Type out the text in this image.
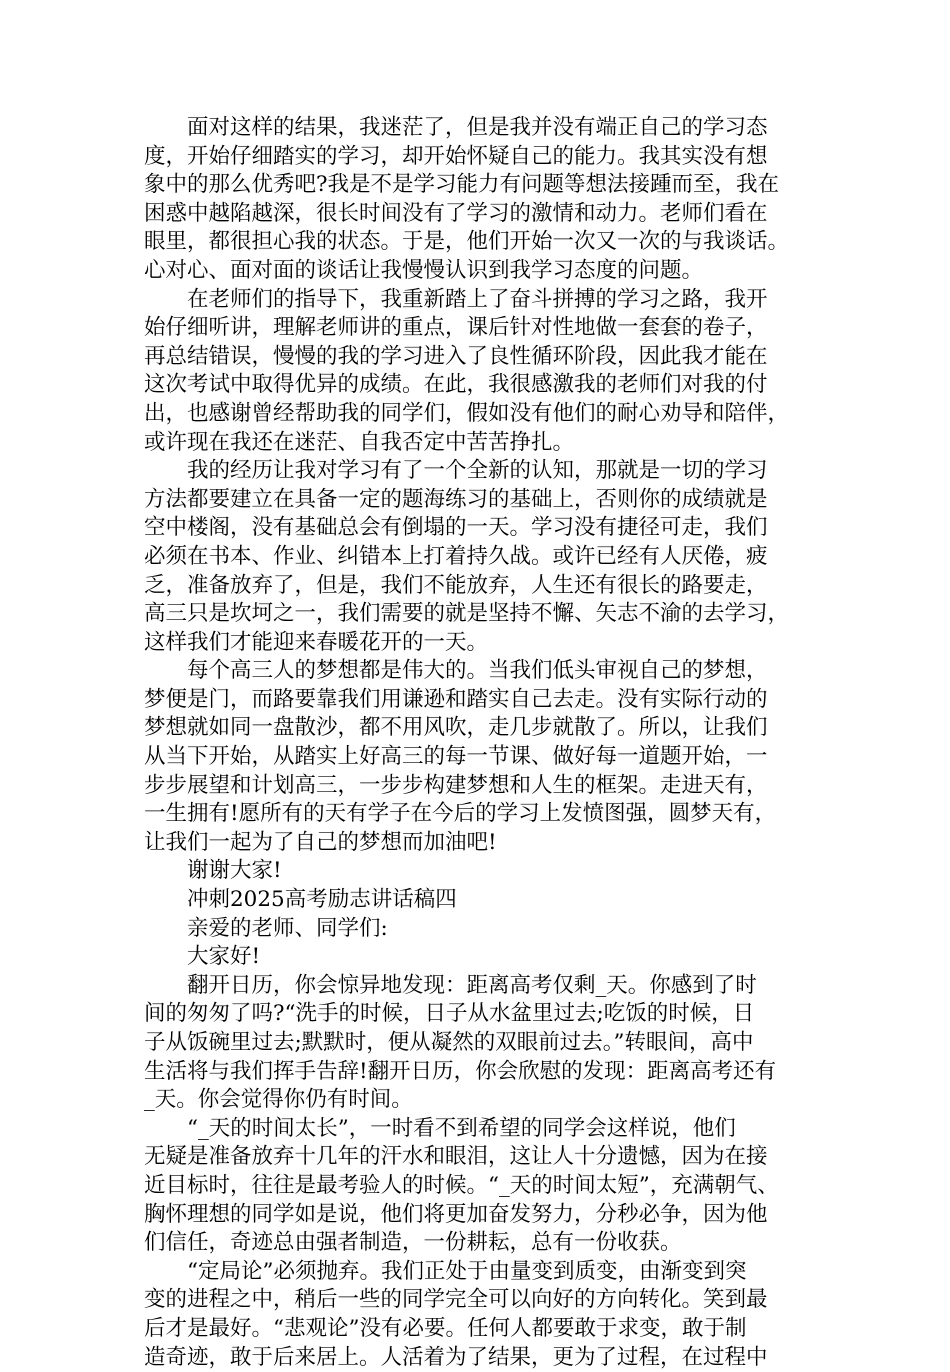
　　面对这样的结果，我迷茫了，但是我并没有端正自己的学习态
度，开始仔细踏实的学习，却开始怀疑自己的能力。我其实没有想
象中的那么优秀吧?我是不是学习能力有问题等想法接踵而至，我在
困惑中越陷越深，很长时间没有了学习的激情和动力。老师们看在
眼里，都很担心我的状态。于是，他们开始一次又一次的与我谈话。
心对心、面对面的谈话让我慢慢认识到我学习态度的问题。
　　在老师们的指导下，我重新踏上了奋斗拼搏的学习之路，我开
始仔细听讲，理解老师讲的重点，课后针对性地做一套套的卷子，
再总结错误，慢慢的我的学习进入了良性循环阶段，因此我才能在
这次考试中取得优异的成绩。在此，我很感激我的老师们对我的付
出，也感谢曾经帮助我的同学们，假如没有他们的耐心劝导和陪伴，
或许现在我还在迷茫、自我否定中苦苦挣扎。
　　我的经历让我对学习有了一个全新的认知，那就是一切的学习
方法都要建立在具备一定的题海练习的基础上，否则你的成绩就是
空中楼阁，没有基础总会有倒塌的一天。学习没有捷径可走，我们
必须在书本、作业、纠错本上打着持久战。或许已经有人厌倦，疲
乏，准备放弃了，但是，我们不能放弃，人生还有很长的路要走，
高三只是坎坷之一，我们需要的就是坚持不懈、矢志不渝的去学习，
这样我们才能迎来春暖花开的一天。
　　每个高三人的梦想都是伟大的。当我们低头审视自己的梦想，
梦便是门，而路要靠我们用谦逊和踏实自己去走。没有实际行动的
梦想就如同一盘散沙，都不用风吹，走几步就散了。所以，让我们
从当下开始，从踏实上好高三的每一节课、做好每一道题开始，一
步步展望和计划高三，一步步构建梦想和人生的框架。走进天有，
一生拥有!愿所有的天有学子在今后的学习上发愤图强，圆梦天有，
让我们一起为了自己的梦想而加油吧!
　　谢谢大家!
　　冲刺2025高考励志讲话稿四
　　亲爱的老师、同学们:
　　大家好!
　　翻开日历，你会惊异地发现：距离高考仅剩_天。你感到了时
间的匆匆了吗?“洗手的时候，日子从水盆里过去;吃饭的时候，日
子从饭碗里过去;默默时，便从凝然的双眼前过去。”转眼间，高中
生活将与我们挥手告辞!翻开日历，你会欣慰的发现：距离高考还有
_天。你会觉得你仍有时间。
　　“_天的时间太长”，一时看不到希望的同学会这样说，他们
无疑是准备放弃十几年的汗水和眼泪，这让人十分遗憾，因为在接
近目标时，往往是最考验人的时候。“_天的时间太短”，充满朝气、
胸怀理想的同学如是说，他们将更加奋发努力，分秒必争，因为他
们信任，奇迹总由强者制造，一份耕耘，总有一份收获。
　　“定局论”必须抛弃。我们正处于由量变到质变，由渐变到突
变的进程之中，稍后一些的同学完全可以向好的方向转化。笑到最
后才是最好。“悲观论”没有必要。任何人都要敢于求变，敢于制
造奇迹，敢于后来居上。人活着为了结果，更为了过程，在过程中
